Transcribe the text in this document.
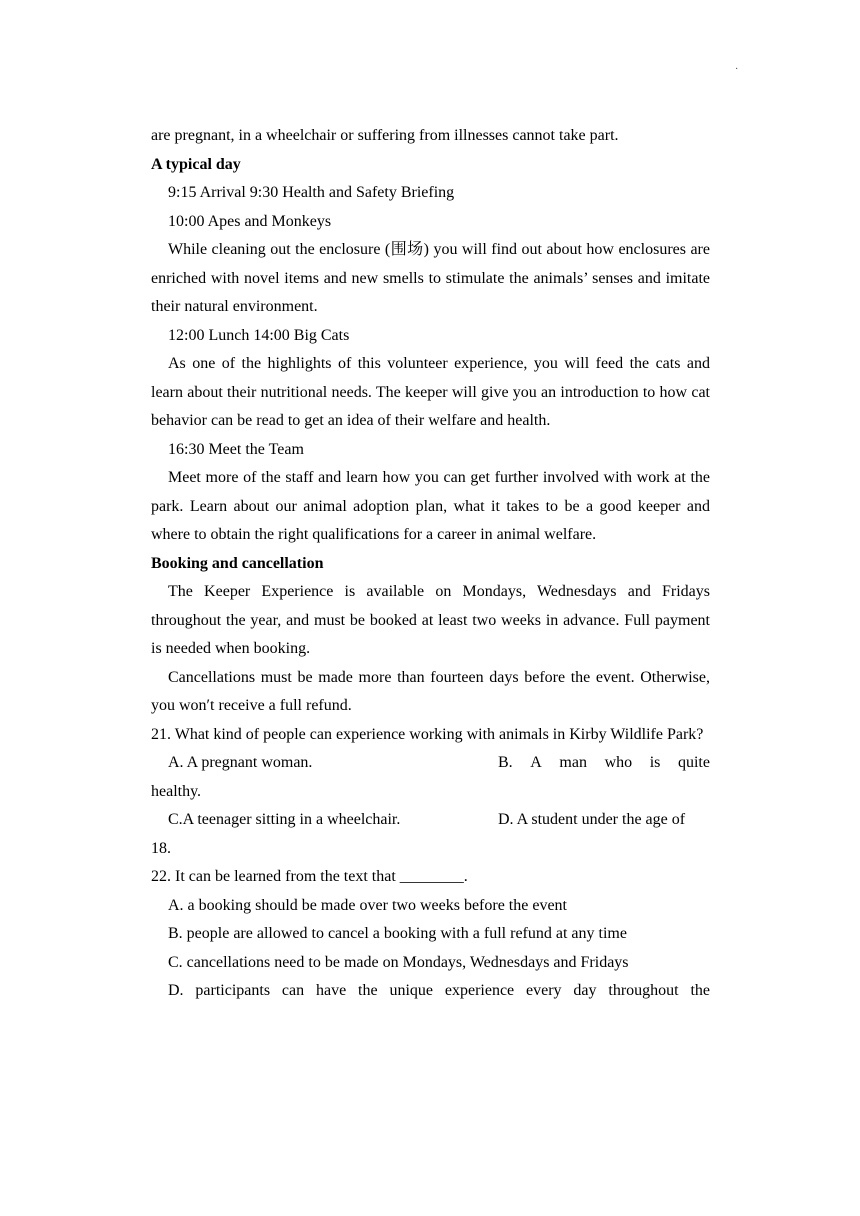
·

are pregnant, in a wheelchair or suffering from illnesses cannot take part.

A typical day

9:15 Arrival 9:30 Health and Safety Briefing

10:00 Apes and Monkeys

While cleaning out the enclosure (围场) you will find out about how enclosures are enriched with novel items and new smells to stimulate the animals’ senses and imitate their natural environment.

12:00 Lunch 14:00 Big Cats

As one of the highlights of this volunteer experience, you will feed the cats and learn about their nutritional needs. The keeper will give you an introduction to how cat behavior can be read to get an idea of their welfare and health.

16:30 Meet the Team

Meet more of the staff and learn how you can get further involved with work at the park. Learn about our animal adoption plan, what it takes to be a good keeper and where to obtain the right qualifications for a career in animal welfare.

Booking and cancellation

The Keeper Experience is available on Mondays, Wednesdays and Fridays throughout the year, and must be booked at least two weeks in advance. Full payment is needed when booking.

Cancellations must be made more than fourteen days before the event. Otherwise, you won′t receive a full refund.

21. What kind of people can experience working with animals in Kirby Wildlife Park?

A. A pregnant woman.	B. A man who is quite

healthy.

C.A teenager sitting in a wheelchair.	D. A student under the age of

18.

22. It can be learned from the text that ________.

A. a booking should be made over two weeks before the event

B. people are allowed to cancel a booking with a full refund at any time

C. cancellations need to be made on Mondays, Wednesdays and Fridays

D. participants can have the unique experience every day throughout the
